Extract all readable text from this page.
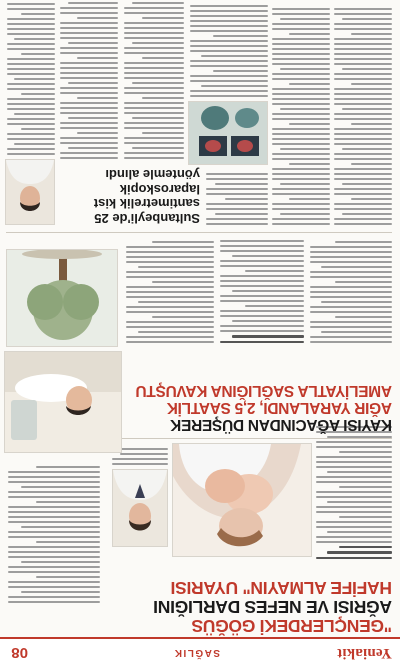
Yeniakit
SAĞLIK
08
"GENÇLERDEKİ GÖĞÜS
AĞRISI VE NEFES DARLIĞINI
HAFİFE ALMAYIN" UYARISI
KAYISI AĞACINDAN DÜŞEREK
AĞIR YARALANDI, 2,5 SAATLİK
AMELİYATLA SAĞLIĞINA KAVUŞTU
Sultanbeyli'de 25 santimetrelik kist laparoskopik yöntemle alındı
